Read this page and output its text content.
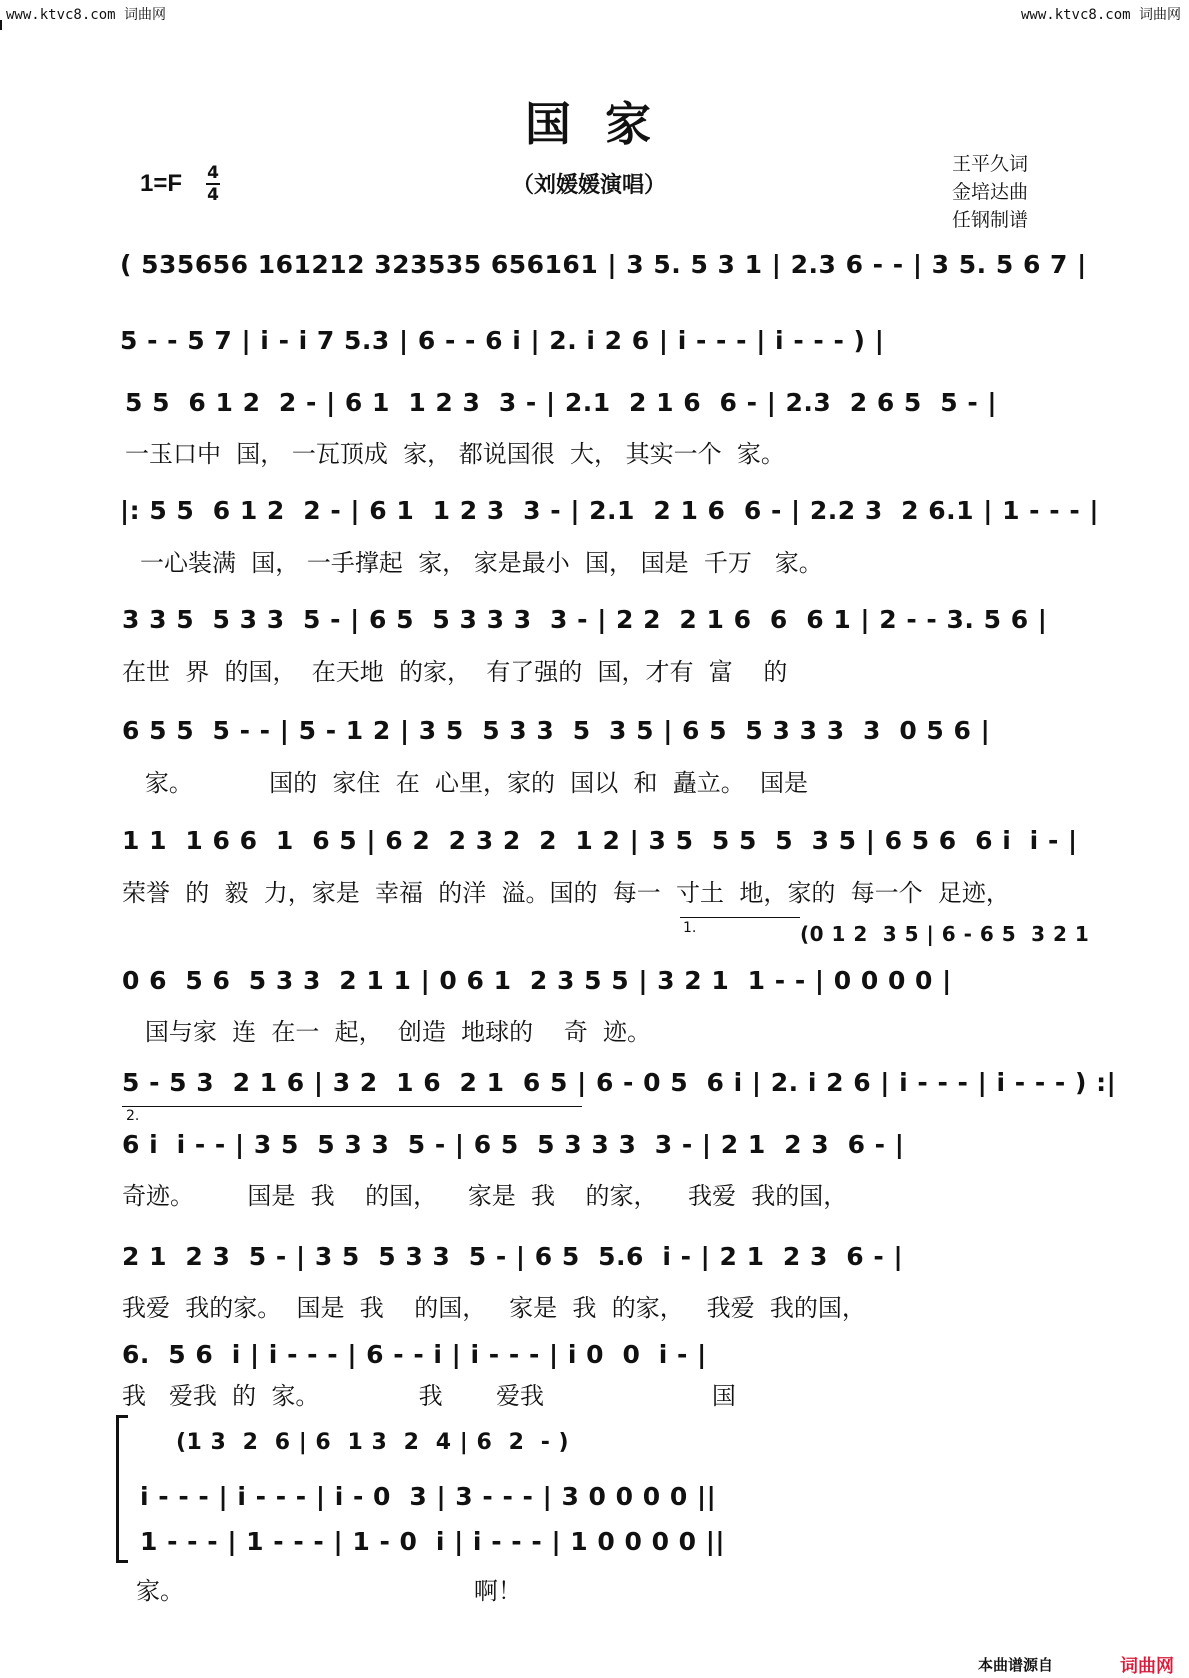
www.ktvc8.com 词曲网	www.ktvc8.com 词曲网
国家
1=F 4
4	（刘媛媛演唱）
王平久词
金培达曲
任钢制谱
( 535656 161212 323535 656161 | 3 5. 5 3 1 | 2.3 6 - - | 3 5. 5 6 7 |
5 - - 5 7 | i - i 7 5.3 | 6 - - 6 i | 2. i 2 6 | i - - - | i - - - ) |
5 5  6 1 2  2 - | 6 1  1 2 3  3 - | 2.1  2 1 6  6 - | 2.3  2 6 5  5 - |
一玉口中  国， 一瓦顶成  家， 都说国很  大， 其实一个  家。
|: 5 5  6 1 2  2 - | 6 1  1 2 3  3 - | 2.1  2 1 6  6 - | 2.2 3  2 6.1 | 1 - - - |
一心装满  国， 一手撑起  家， 家是最小  国， 国是  千万   家。
3 3 5  5 3 3  5 - | 6 5  5 3 3 3  3 - | 2 2  2 1 6  6  6 1 | 2 - - 3. 5 6 |
在世  界  的国，  在天地  的家，  有了强的  国，才有  富    的
6 5 5  5 - - | 5 - 1 2 | 3 5  5 3 3  5  3 5 | 6 5  5 3 3 3  3  0 5 6 |
家。          国的  家住  在  心里，家的  国以  和  矗立。  国是
1 1  1 6 6  1  6 5 | 6 2  2 3 2  2  1 2 | 3 5  5 5  5  3 5 | 6 5 6  6 i  i - |
荣誉  的  毅  力，家是  幸福  的洋  溢。国的  每一  寸土  地，家的  每一个  足迹，
1.	(0 1 2  3 5 | 6 - 6 5  3 2 1
0 6  5 6  5 3 3  2 1 1 | 0 6 1  2 3 5 5 | 3 2 1  1 - - | 0 0 0 0 |
国与家  连  在一  起，  创造  地球的    奇  迹。
5 - 5 3  2 1 6 | 3 2  1 6  2 1  6 5 | 6 - 0 5  6 i | 2. i 2 6 | i - - - | i - - - ) :|
2.
6 i  i - - | 3 5  5 3 3  5 - | 6 5  5 3 3 3  3 - | 2 1  2 3  6 - |
奇迹。       国是  我    的国，    家是  我    的家，    我爱  我的国，
2 1  2 3  5 - | 3 5  5 3 3  5 - | 6 5  5.6  i - | 2 1  2 3  6 - |
我爱  我的家。  国是  我    的国，   家是  我  的家，   我爱  我的国，
6.  5 6  i | i - - - | 6 - - i | i - - - | i 0  0  i - |
我   爱我  的  家。             我       爱我                      国
(1 3  2  6 | 6  1 3  2  4 | 6  2  - )
i - - - | i - - - | i - 0  3 | 3 - - - | 3 0 0 0 0 ||
1 - - - | 1 - - - | 1 - 0  i | i - - - | 1 0 0 0 0 ||
家。                                      啊！
本曲谱源自	词曲网
